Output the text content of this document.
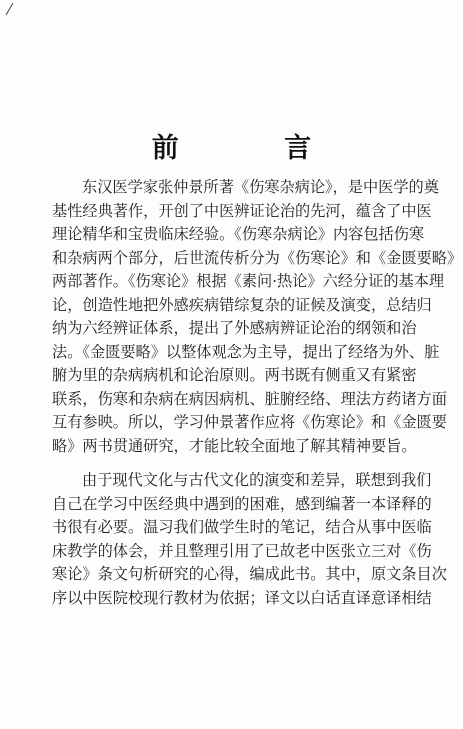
前 言
东汉医学家张仲景所著《伤寒杂病论》，是中医学的奠
基性经典著作，开创了中医辨证论治的先河，蕴含了中医
理论精华和宝贵临床经验。《伤寒杂病论》内容包括伤寒
和杂病两个部分，后世流传析分为《伤寒论》和《金匮要略》
两部著作。《伤寒论》根据《素问·热论》六经分证的基本理
论，创造性地把外感疾病错综复杂的证候及演变，总结归
纳为六经辨证体系，提出了外感病辨证论治的纲领和治
法。《金匮要略》以整体观念为主导，提出了经络为外、脏
腑为里的杂病病机和论治原则。两书既有侧重又有紧密
联系，伤寒和杂病在病因病机、脏腑经络、理法方药诸方面
互有参映。所以，学习仲景著作应将《伤寒论》和《金匮要
略》两书贯通研究，才能比较全面地了解其精神要旨。
由于现代文化与古代文化的演变和差异，联想到我们
自己在学习中医经典中遇到的困难，感到编著一本译释的
书很有必要。温习我们做学生时的笔记，结合从事中医临
床教学的体会，并且整理引用了已故老中医张立三对《伤
寒论》条文句析研究的心得，编成此书。其中，原文条目次
序以中医院校现行教材为依据；译文以白话直译意译相结
